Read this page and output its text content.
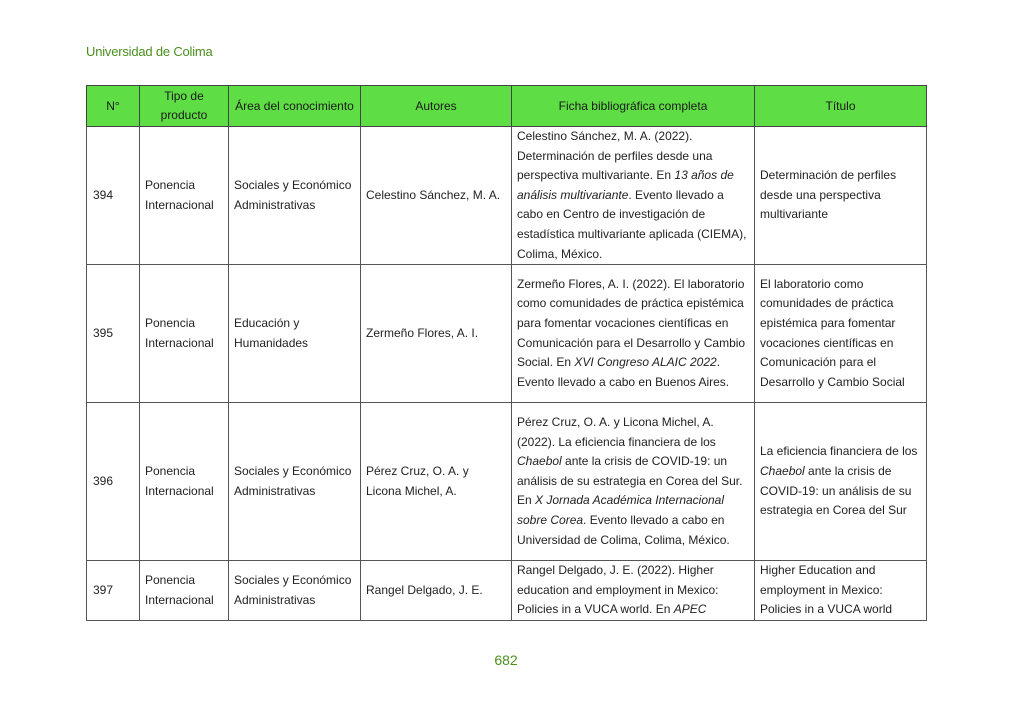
Universidad de Colima
N°	Tipo de producto	Área del conocimiento	Autores	Ficha bibliográfica completa	Título
394	Ponencia Internacional	Sociales y Económico Administrativas	Celestino Sánchez, M. A.	Celestino Sánchez, M. A. (2022). Determinación de perfiles desde una perspectiva multivariante. En 13 años de análisis multivariante. Evento llevado a cabo en Centro de investigación de estadística multivariante aplicada (CIEMA), Colima, México.	Determinación de perfiles desde una perspectiva multivariante
395	Ponencia Internacional	Educación y Humanidades	Zermeño Flores, A. I.	Zermeño Flores, A. I. (2022). El laboratorio como comunidades de práctica epistémica para fomentar vocaciones científicas en Comunicación para el Desarrollo y Cambio Social. En XVI Congreso ALAIC 2022. Evento llevado a cabo en Buenos Aires.	El laboratorio como comunidades de práctica epistémica para fomentar vocaciones científicas en Comunicación para el Desarrollo y Cambio Social
396	Ponencia Internacional	Sociales y Económico Administrativas	Pérez Cruz, O. A. y Licona Michel, A.	Pérez Cruz, O. A. y Licona Michel, A. (2022). La eficiencia financiera de los Chaebol ante la crisis de COVID-19: un análisis de su estrategia en Corea del Sur. En X Jornada Académica Internacional sobre Corea. Evento llevado a cabo en Universidad de Colima, Colima, México.	La eficiencia financiera de los Chaebol ante la crisis de COVID-19: un análisis de su estrategia en Corea del Sur
397	Ponencia Internacional	Sociales y Económico Administrativas	Rangel Delgado, J. E.	Rangel Delgado, J. E. (2022). Higher education and employment in Mexico: Policies in a VUCA world. En APEC	Higher Education and employment in Mexico: Policies in a VUCA world
682
